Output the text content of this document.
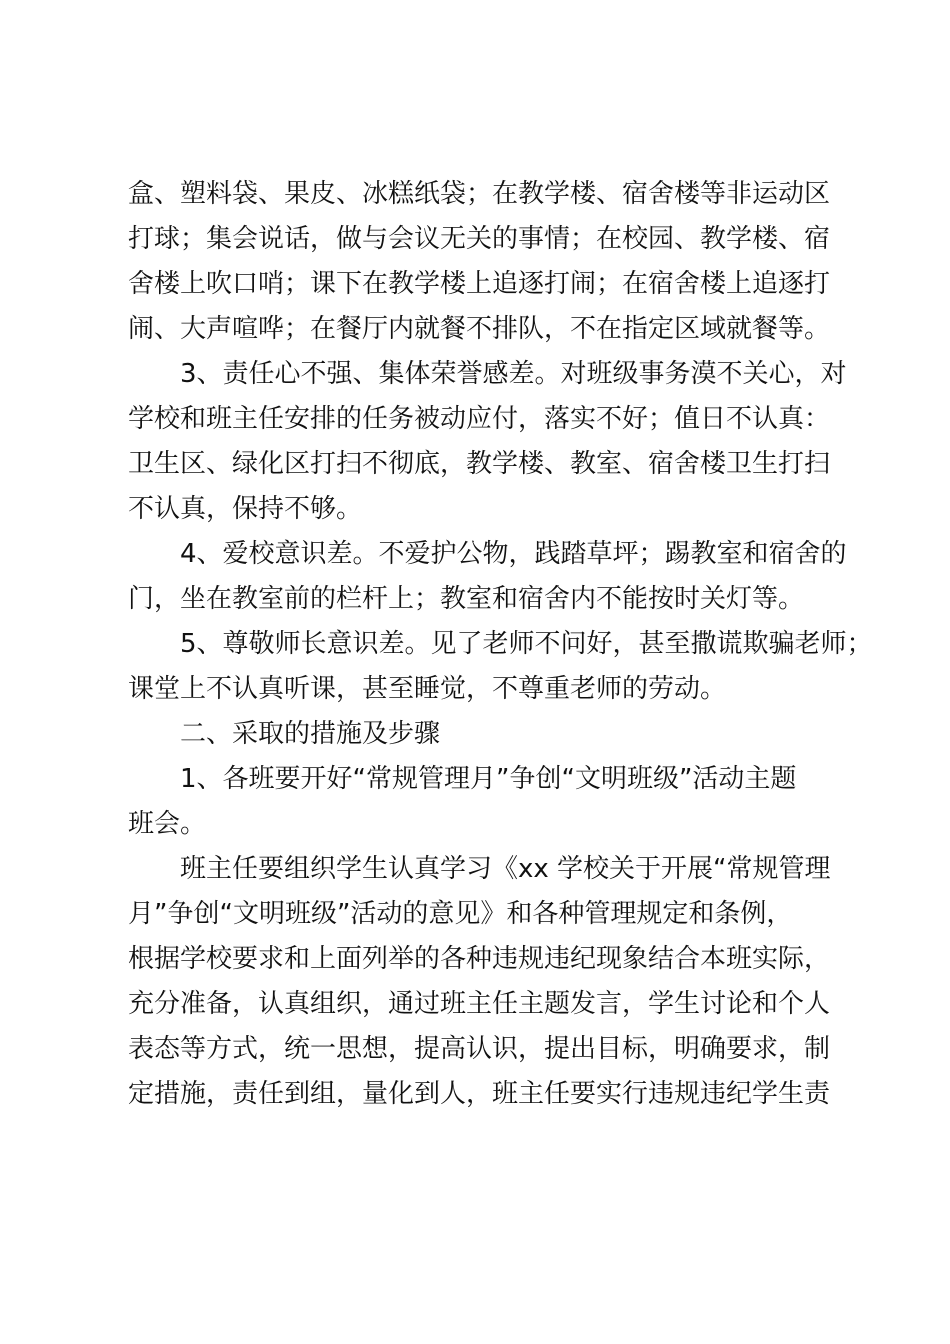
盒、塑料袋、果皮、冰糕纸袋；在教学楼、宿舍楼等非运动区
打球；集会说话，做与会议无关的事情；在校园、教学楼、宿
舍楼上吹口哨；课下在教学楼上追逐打闹；在宿舍楼上追逐打
闹、大声喧哗；在餐厅内就餐不排队，不在指定区域就餐等。
3、责任心不强、集体荣誉感差。对班级事务漠不关心，对
学校和班主任安排的任务被动应付，落实不好；值日不认真：
卫生区、绿化区打扫不彻底，教学楼、教室、宿舍楼卫生打扫
不认真，保持不够。
4、爱校意识差。不爱护公物，践踏草坪；踢教室和宿舍的
门，坐在教室前的栏杆上；教室和宿舍内不能按时关灯等。
5、尊敬师长意识差。见了老师不问好，甚至撒谎欺骗老师；
课堂上不认真听课，甚至睡觉，不尊重老师的劳动。
二、采取的措施及步骤
1、各班要开好“常规管理月”争创“文明班级”活动主题
班会。
班主任要组织学生认真学习《xx 学校关于开展“常规管理
月”争创“文明班级”活动的意见》和各种管理规定和条例，
根据学校要求和上面列举的各种违规违纪现象结合本班实际，
充分准备，认真组织，通过班主任主题发言，学生讨论和个人
表态等方式，统一思想，提高认识，提出目标，明确要求，制
定措施，责任到组，量化到人，班主任要实行违规违纪学生责
